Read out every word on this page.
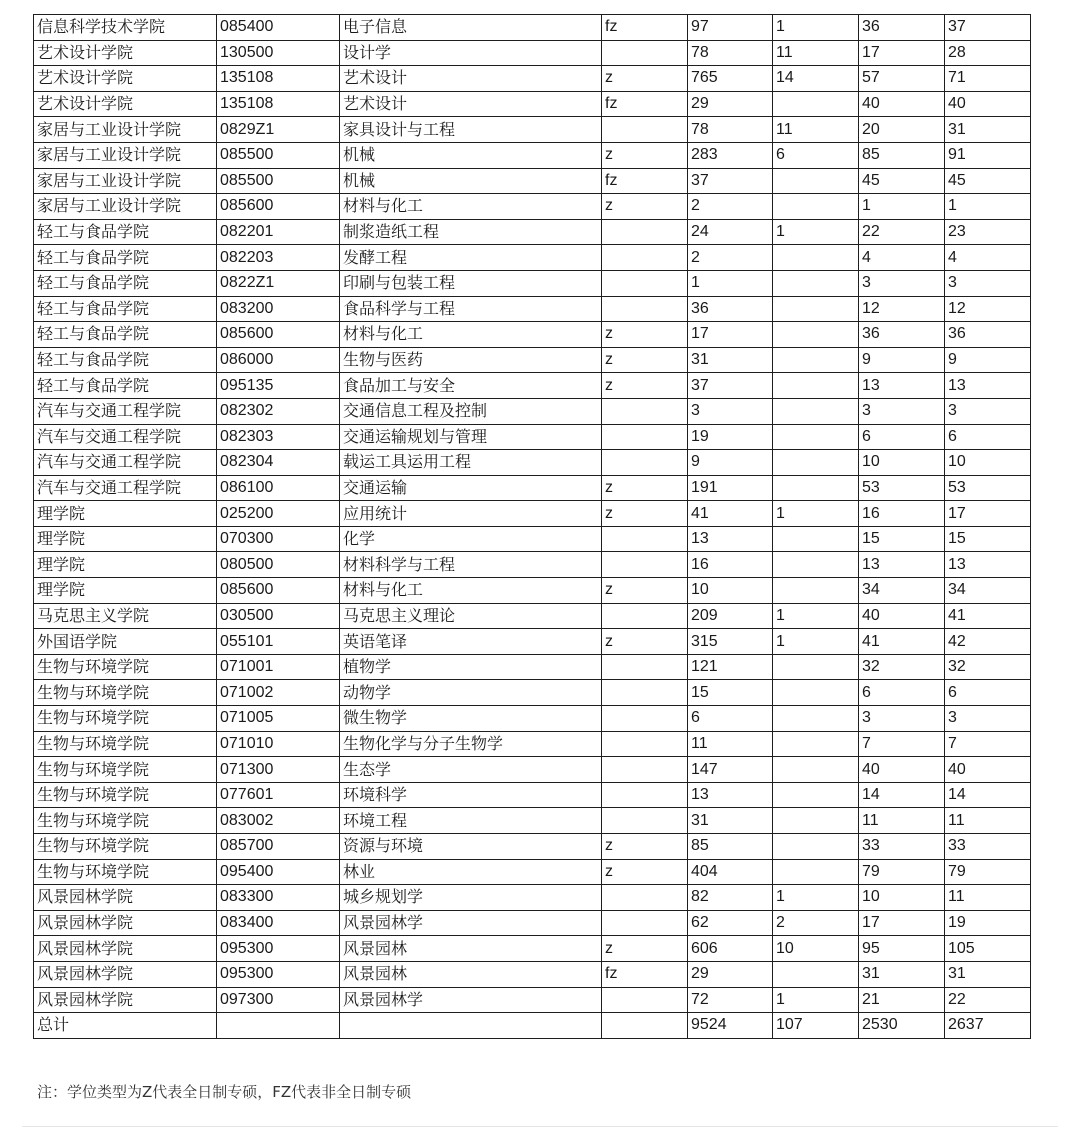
信息科学技术学院	085400	电子信息	fz	97	1	36	37
艺术设计学院	130500	设计学		78	11	17	28
艺术设计学院	135108	艺术设计	z	765	14	57	71
艺术设计学院	135108	艺术设计	fz	29		40	40
家居与工业设计学院	0829Z1	家具设计与工程		78	11	20	31
家居与工业设计学院	085500	机械	z	283	6	85	91
家居与工业设计学院	085500	机械	fz	37		45	45
家居与工业设计学院	085600	材料与化工	z	2		1	1
轻工与食品学院	082201	制浆造纸工程		24	1	22	23
轻工与食品学院	082203	发酵工程		2		4	4
轻工与食品学院	0822Z1	印刷与包装工程		1		3	3
轻工与食品学院	083200	食品科学与工程		36		12	12
轻工与食品学院	085600	材料与化工	z	17		36	36
轻工与食品学院	086000	生物与医药	z	31		9	9
轻工与食品学院	095135	食品加工与安全	z	37		13	13
汽车与交通工程学院	082302	交通信息工程及控制		3		3	3
汽车与交通工程学院	082303	交通运输规划与管理		19		6	6
汽车与交通工程学院	082304	载运工具运用工程		9		10	10
汽车与交通工程学院	086100	交通运输	z	191		53	53
理学院	025200	应用统计	z	41	1	16	17
理学院	070300	化学		13		15	15
理学院	080500	材料科学与工程		16		13	13
理学院	085600	材料与化工	z	10		34	34
马克思主义学院	030500	马克思主义理论		209	1	40	41
外国语学院	055101	英语笔译	z	315	1	41	42
生物与环境学院	071001	植物学		121		32	32
生物与环境学院	071002	动物学		15		6	6
生物与环境学院	071005	微生物学		6		3	3
生物与环境学院	071010	生物化学与分子生物学		11		7	7
生物与环境学院	071300	生态学		147		40	40
生物与环境学院	077601	环境科学		13		14	14
生物与环境学院	083002	环境工程		31		11	11
生物与环境学院	085700	资源与环境	z	85		33	33
生物与环境学院	095400	林业	z	404		79	79
风景园林学院	083300	城乡规划学		82	1	10	11
风景园林学院	083400	风景园林学		62	2	17	19
风景园林学院	095300	风景园林	z	606	10	95	105
风景园林学院	095300	风景园林	fz	29		31	31
风景园林学院	097300	风景园林学		72	1	21	22
总计				9524	107	2530	2637
注：学位类型为Z代表全日制专硕，FZ代表非全日制专硕
